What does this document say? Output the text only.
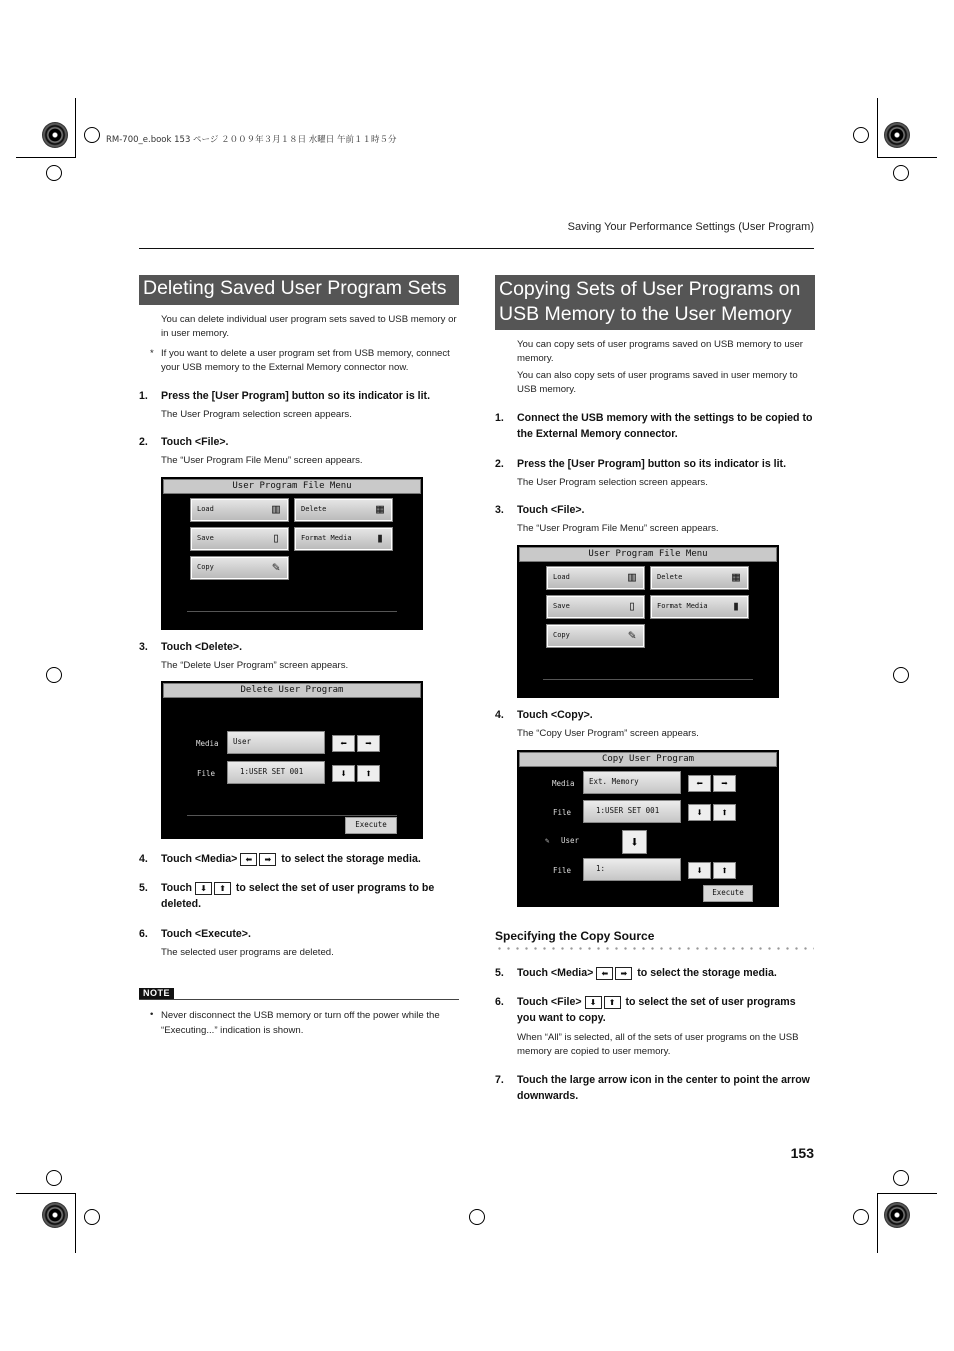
RM-700_e.book 153 ページ ２００９年３月１８日 水曜日 午前１１時５分
Saving Your Performance Settings (User Program)
Deleting Saved User Program Sets
You can delete individual user program sets saved to USB memory or in user memory.
* If you want to delete a user program set from USB memory, connect your USB memory to the External Memory connector now.
1. Press the [User Program] button so its indicator is lit.
The User Program selection screen appears.
2. Touch <File>.
The “User Program File Menu” screen appears.
User Program File Menu
Load	▥	Delete	▦
Save	▯	Format Media	▮
Copy	✎
3. Touch <Delete>.
The “Delete User Program” screen appears.
Delete User Program
Media	User	⬅	➡
File	1:USER SET 001	⬇	⬆
Execute
4. Touch <Media> ⬅ ➡ to select the storage media.
5. Touch ⬇ ⬆ to select the set of user programs to be deleted.
6. Touch <Execute>.
The selected user programs are deleted.
NOTE
• Never disconnect the USB memory or turn off the power while the “Executing...” indication is shown.
Copying Sets of User Programs on USB Memory to the User Memory
You can copy sets of user programs saved on USB memory to user memory.
You can also copy sets of user programs saved in user memory to USB memory.
1. Connect the USB memory with the settings to be copied to the External Memory connector.
2. Press the [User Program] button so its indicator is lit.
The User Program selection screen appears.
3. Touch <File>.
The “User Program File Menu” screen appears.
User Program File Menu
Load	▥	Delete	▦
Save	▯	Format Media	▮
Copy	✎
4. Touch <Copy>.
The “Copy User Program” screen appears.
Copy User Program
Media	Ext. Memory	⬅	➡
File	1:USER SET 001	⬇	⬆
✎ User	⬇
File	1:	⬇	⬆
Execute
Specifying the Copy Source
5. Touch <Media> ⬅ ➡ to select the storage media.
6. Touch <File> ⬇ ⬆ to select the set of user programs you want to copy.
When “All” is selected, all of the sets of user programs on the USB memory are copied to user memory.
7. Touch the large arrow icon in the center to point the arrow downwards.
153
